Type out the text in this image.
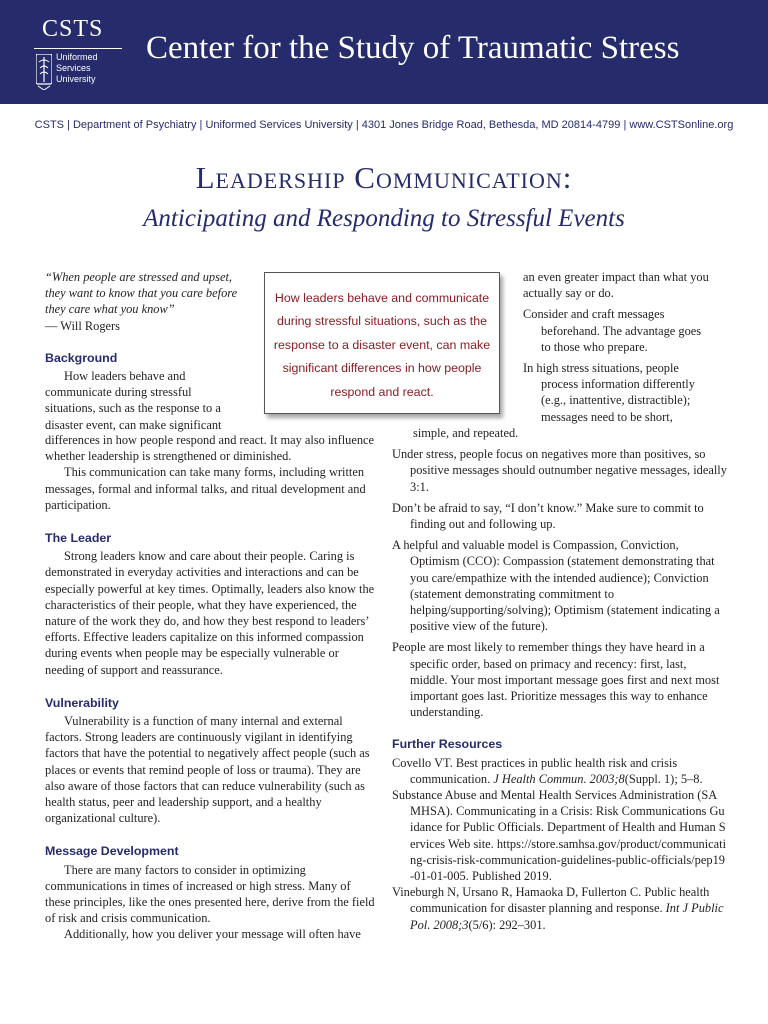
CSTS
Uniformed
Services
University
Center for the Study of Traumatic Stress
CSTS | Department of Psychiatry | Uniformed Services University | 4301 Jones Bridge Road, Bethesda, MD 20814-4799 | www.CSTSonline.org
Leadership Communication:
Anticipating and Responding to Stressful Events
How leaders behave and communicate
during stressful situations, such as the
response to a disaster event, can make
significant differences in how people
respond and react.
“When people are stressed and upset,
they want to know that you care before
they care what you know”
— Will Rogers
Background
How leaders behave and
communicate during stressful
situations, such as the response to a
disaster event, can make significant

differences in how people respond and react. It may also influence whether leadership is strengthened or diminished.

This communication can take many forms, including written messages, formal and informal talks, and ritual development and participation.

The Leader

Strong leaders know and care about their people. Caring is demonstrated in everyday activities and interactions and can be especially powerful at key times. Optimally, leaders also know the characteristics of their people, what they have experienced, the nature of the work they do, and how they best respond to leaders’ efforts. Effective leaders capitalize on this informed compassion during events when people may be especially vulnerable or needing of support and reassurance.

Vulnerability

Vulnerability is a function of many internal and external factors. Strong leaders are continuously vigilant in identifying factors that have the potential to negatively affect people (such as places or events that remind people of loss or trauma). They are also aware of those factors that can reduce vulnerability (such as health status, peer and leadership support, and a healthy organizational culture).

Message Development

There are many factors to consider in optimizing communications in times of increased or high stress. Many of these principles, like the ones presented here, derive from the field of risk and crisis communication.

Additionally, how you deliver your message will often have

an even greater impact than what you
actually say or do.
Consider and craft messages
beforehand. The advantage goes
to those who prepare.
In high stress situations, people
process information differently
(e.g., inattentive, distractible);
messages need to be short,
simple, and repeated.
Under stress, people focus on negatives more than positives, so positive messages should outnumber negative messages, ideally 3:1.
Don’t be afraid to say, “I don’t know.” Make sure to commit to finding out and following up.
A helpful and valuable model is Compassion, Conviction, Optimism (CCO): Compassion (statement demonstrating that you care/empathize with the intended audience); Conviction (statement demonstrating commitment to helping/supporting/solving); Optimism (statement indicating a positive view of the future).
People are most likely to remember things they have heard in a specific order, based on primacy and recency: first, last, middle. Your most important message goes first and next most important goes last. Prioritize messages this way to enhance understanding.
Further Resources

Covello VT. Best practices in public health risk and crisis communication. J Health Commun. 2003;8(Suppl. 1); 5–8.

Substance Abuse and Mental Health Services Administration (SAMHSA). Communicating in a Crisis: Risk Communications Guidance for Public Officials. Department of Health and Human Services Web site. https://store.samhsa.gov/product/communicating-crisis-risk-communication-guidelines-public-officials/pep19-01-01-005. Published 2019.

Vineburgh N, Ursano R, Hamaoka D, Fullerton C. Public health communication for disaster planning and response. Int J Public Pol. 2008;3(5/6): 292–301.
